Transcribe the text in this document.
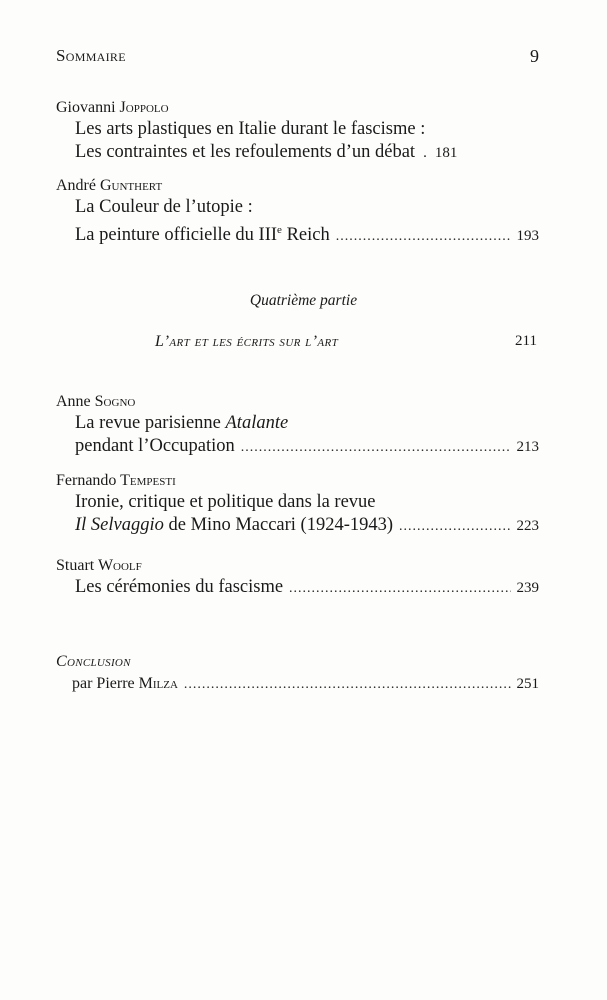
Sommaire	9
Giovanni Joppolo
Les arts plastiques en Italie durant le fascisme :
Les contraintes et les refoulements d’un débat . 181
André Gunthert
La Couleur de l’utopie :
La peinture officielle du IIIe Reich .....	193
Quatrième partie
L’art et les écrits sur l’art	211
Anne Sogno
La revue parisienne Atalante
pendant l’Occupation .....	213
Fernando Tempesti
Ironie, critique et politique dans la revue
Il Selvaggio de Mino Maccari (1924-1943) .....	223
Stuart Woolf
Les cérémonies du fascisme .....	239
Conclusion
par Pierre Milza .....	251
